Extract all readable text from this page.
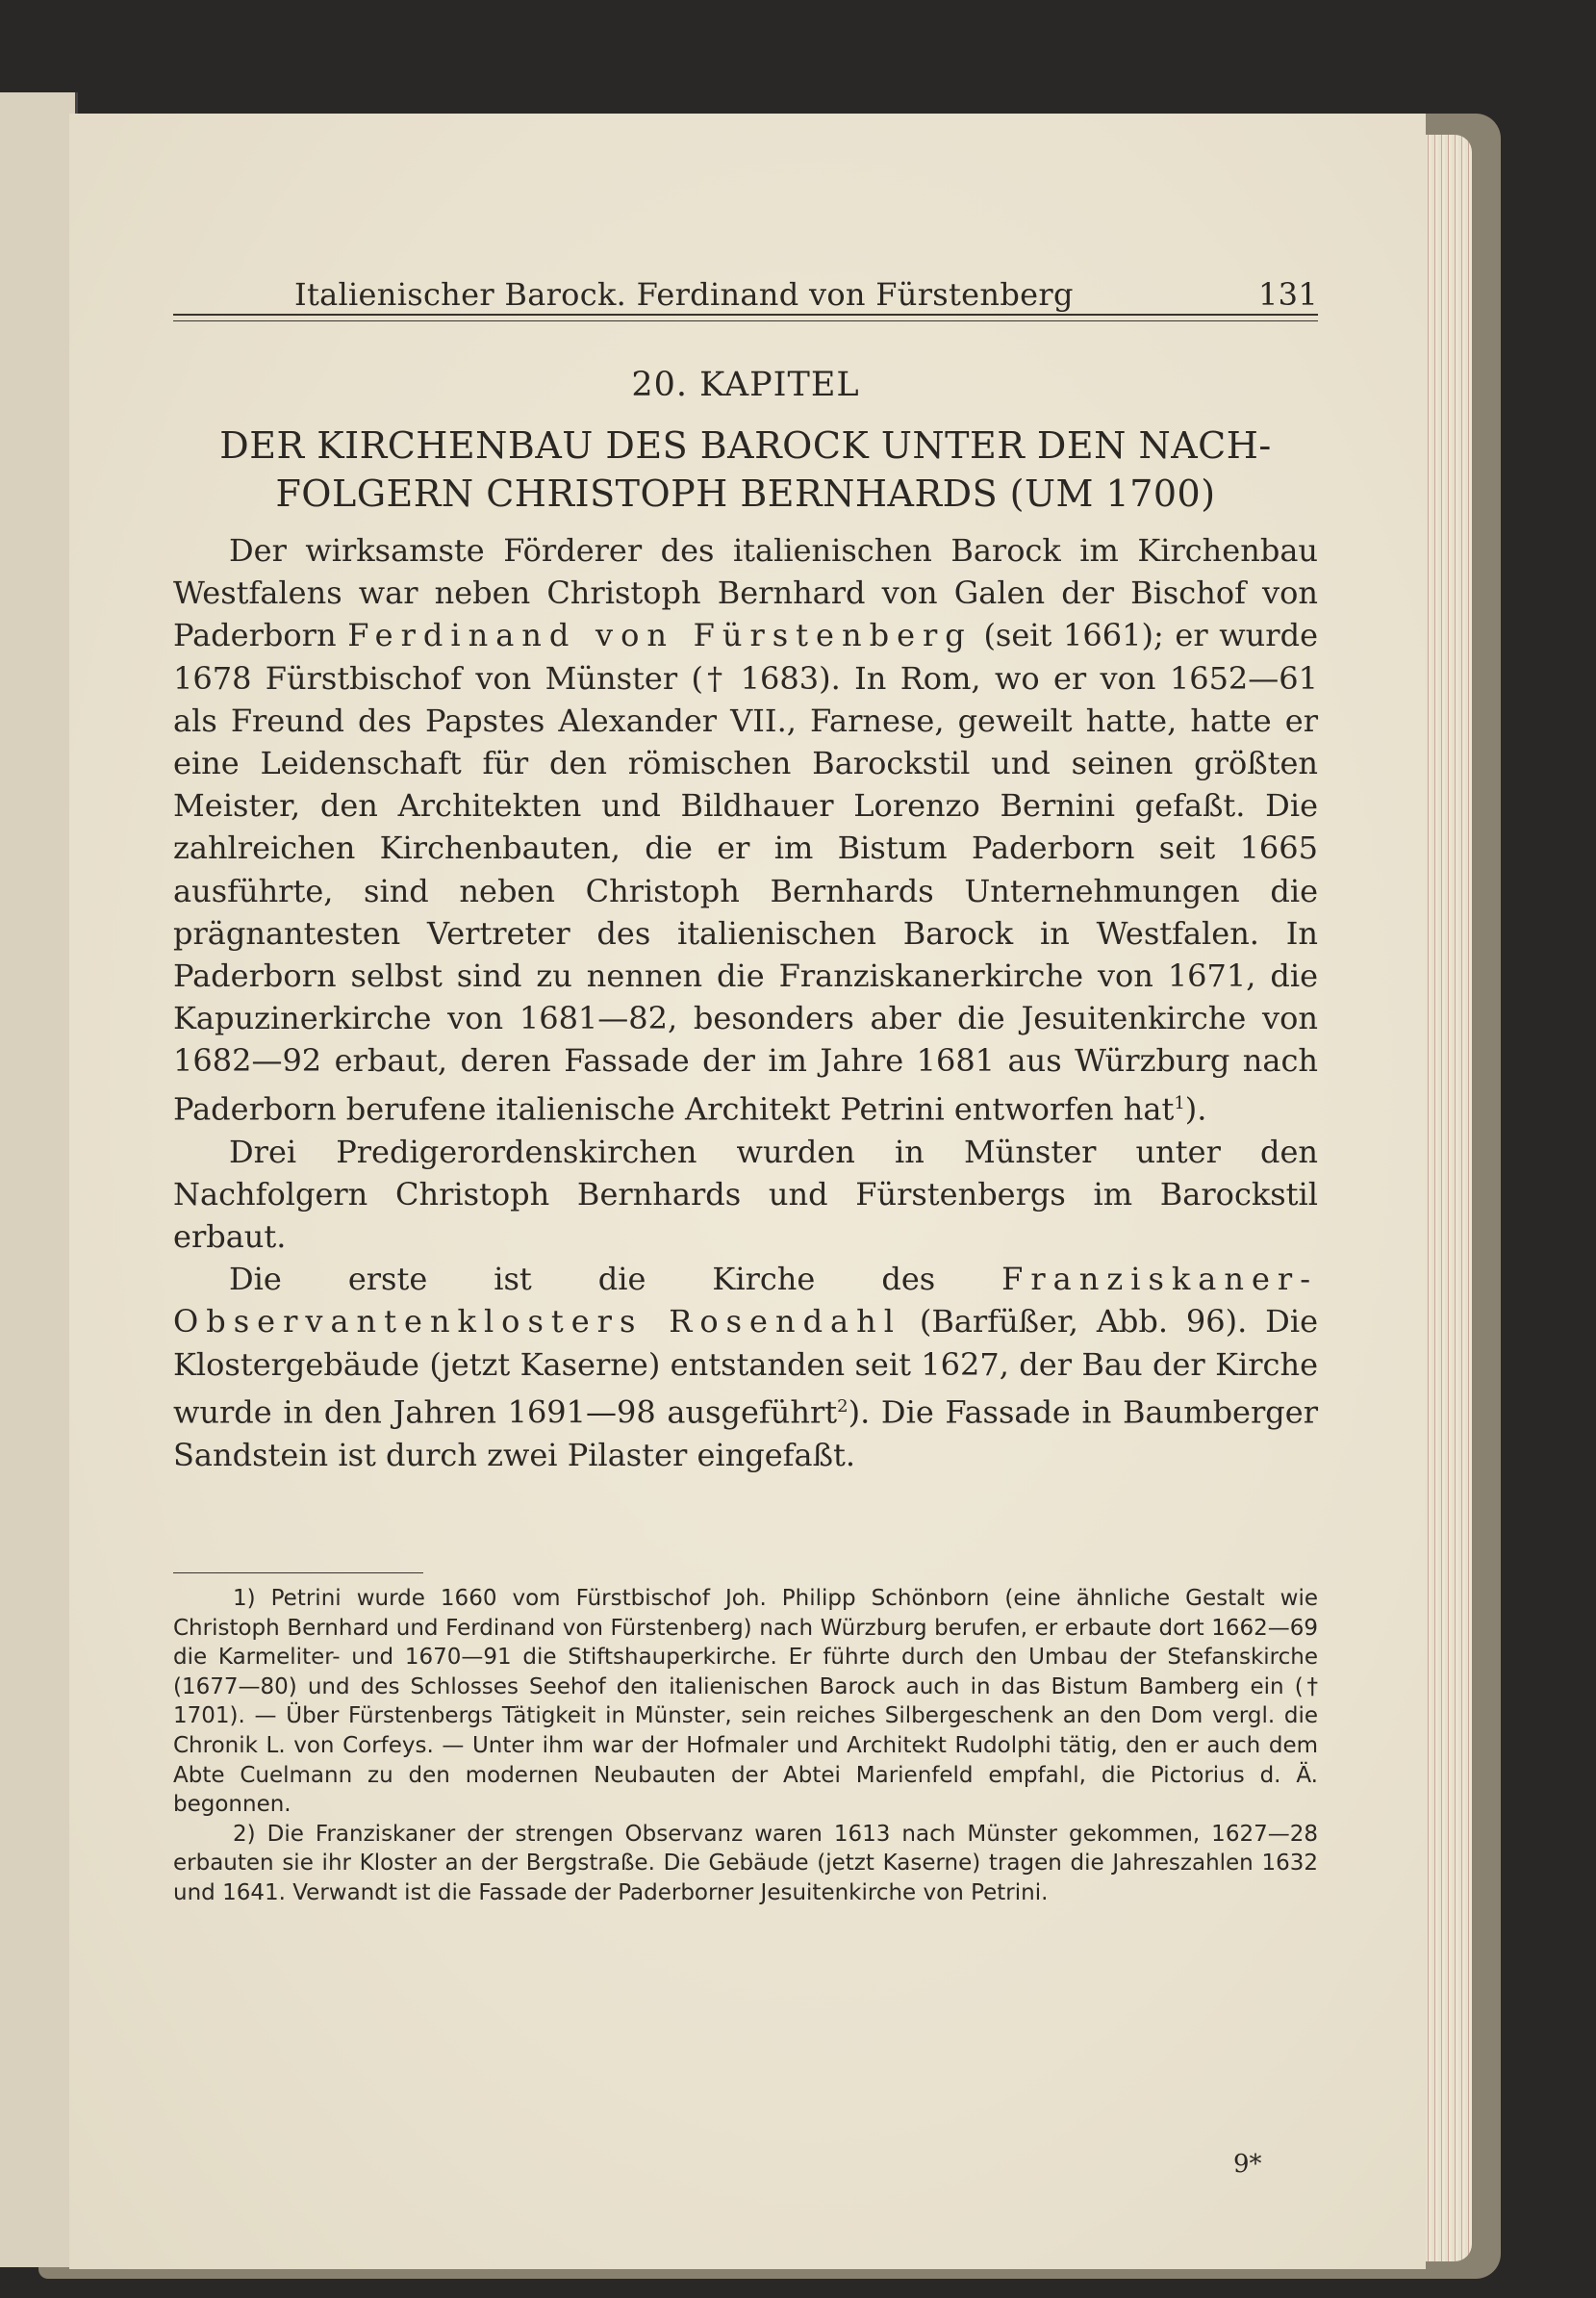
Italienischer Barock. Ferdinand von Fürstenberg	131
20. KAPITEL
DER KIRCHENBAU DES BAROCK UNTER DEN NACH-
FOLGERN CHRISTOPH BERNHARDS (UM 1700)

Der wirksamste Förderer des italienischen Barock im Kirchenbau Westfalens war neben Christoph Bernhard von Galen der Bischof von Paderborn Ferdinand von Fürstenberg (seit 1661); er wurde 1678 Fürstbischof von Münster († 1683). In Rom, wo er von 1652—61 als Freund des Papstes Alexander VII., Farnese, geweilt hatte, hatte er eine Leidenschaft für den römischen Barockstil und seinen größten Meister, den Architekten und Bildhauer Lorenzo Bernini gefaßt. Die zahlreichen Kirchenbauten, die er im Bistum Paderborn seit 1665 ausführte, sind neben Christoph Bernhards Unternehmungen die prägnantesten Vertreter des italienischen Barock in Westfalen. In Paderborn selbst sind zu nennen die Franziskanerkirche von 1671, die Kapuzinerkirche von 1681—82, besonders aber die Jesuitenkirche von 1682—92 erbaut, deren Fassade der im Jahre 1681 aus Würzburg nach Paderborn berufene italienische Architekt Petrini entworfen hat$^1$).

Drei Predigerordenskirchen wurden in Münster unter den Nachfolgern Christoph Bernhards und Fürstenbergs im Barockstil erbaut.

Die erste ist die Kirche des Franziskaner-Observantenklosters Rosendahl (Barfüßer, Abb. 96). Die Klostergebäude (jetzt Kaserne) entstanden seit 1627, der Bau der Kirche wurde in den Jahren 1691—98 ausgeführt$^2$). Die Fassade in Baumberger Sandstein ist durch zwei Pilaster eingefaßt.

1) Petrini wurde 1660 vom Fürstbischof Joh. Philipp Schönborn (eine ähnliche Gestalt wie Christoph Bernhard und Ferdinand von Fürstenberg) nach Würzburg berufen, er erbaute dort 1662—69 die Karmeliter- und 1670—91 die Stiftshauperkirche. Er führte durch den Umbau der Stefanskirche (1677—80) und des Schlosses Seehof den italienischen Barock auch in das Bistum Bamberg ein († 1701). — Über Fürstenbergs Tätigkeit in Münster, sein reiches Silbergeschenk an den Dom vergl. die Chronik L. von Corfeys. — Unter ihm war der Hofmaler und Architekt Rudolphi tätig, den er auch dem Abte Cuelmann zu den modernen Neubauten der Abtei Marienfeld empfahl, die Pictorius d. Ä. begonnen.

2) Die Franziskaner der strengen Observanz waren 1613 nach Münster gekommen, 1627—28 erbauten sie ihr Kloster an der Bergstraße. Die Gebäude (jetzt Kaserne) tragen die Jahreszahlen 1632 und 1641. Verwandt ist die Fassade der Paderborner Jesuitenkirche von Petrini.

9*
